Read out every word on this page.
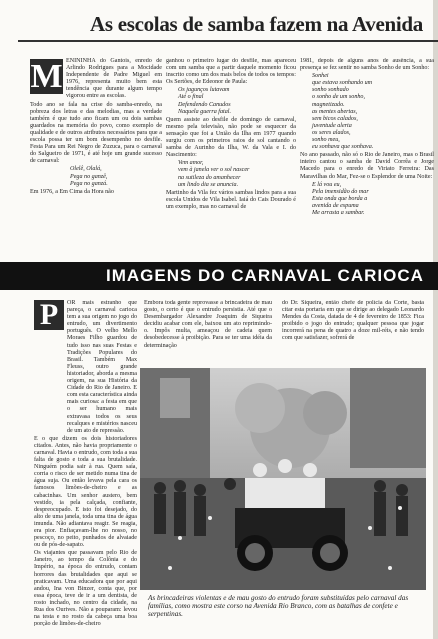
As escolas de samba fazem na Avenida
M ENININHA do Gantois, enredo de Arlindo Rodrigues para a Mocidade Independente de Padre Miguel em 1976, representa muito bem esta tendência que durante algum tempo vigorou entre as escolas.

Todo ano se fala na crise do samba-enredo, na pobreza dos letras e das melodias, mas a verdade também é que tudo ano ficam um ou dois sambas guardados na memória do povo, como exemplo de qualidade e de outros atributos necessários para que a escola possa ter um bom desempenho no desfile. Festa Para um Rei Negro de Zuzuca, para o carnaval do Salgueiro de 1971, é até hoje um grande sucesso de carnaval:

Olelê, Olalá,
Pega no ganzê,
Pega no ganzá.

Em 1976, a Em Cima da Hora não

ganhou o primeiro lugar do desfile, mas apareceu com um samba que a partir daquele momento ficou inscrito como um dos mais belos de todos os tempos: Os Sertões, de Edeonor de Paula:

Os jagunços lutavam
Até o final
Defendendo Canudos
Naquela guerra fatal.

Quem assiste ao desfile de domingo de carnaval, mesmo pela televisão, não pode se esquecer da sensação que foi a União da Ilha em 1977 quando surgiu com os primeiros raios de sol cantando o samba de Aurinho da Ilha, W. da Vala e I. do Nascimento:

Vem amor,
vem à janela ver o sol nascer
na sutileza do amanhecer
um lindo dia se anuncia.

Martinho da Vila fez vários sambas lindos para a sua escola Unidos de Vila Isabel. Iaiá do Cais Dourado é um exemplo, mas no carnaval de

1981, depois de alguns anos de ausência, a sua presença se fez sentir no samba Sonho de um Sonho:

Sonhei
que estava sonhando um
sonho sonhado
o sonho de um sonho,
magnetizado.
as mentes abertas,
sem bicos calados,
juventude alerta
os seres alados,
sonho meu,
eu sonhava que sonhava.

No ano passado, não só o Rio de Janeiro, mas o Brasil inteiro cantou o samba de David Corrêa e Jorge Macedo para o enredo de Viriato Ferreira: Das Maravilhas do Mar, Fez-se o Esplendor de uma Noite:

E lá vou eu,
Pela imensidão do mar
Esta onda que borda a
avenida de espuma
Me arrasta a sambar.

IMAGENS DO CARNAVAL CARIOCA
P	OR mais estranho que pareça, o carnaval carioca tem a sua origem no jogo do entrudo, um divertimento português. O velho Mello Moraes Filho guardou de tudo isso nas suas Festas e Tradições Populares do Brasil. Também Max Fleuss, outro grande historiador, aborda a mesma origem, na sua História da Cidade do Rio de Janeiro. E com esta característica ainda mais curiosa: a festa em que o ser humano mais extravasa todos os seus recalques e mistérios nasceu de um ato de repressão.

E o que dizem os dois historiadores citados. Antes, não havia propriamente o carnaval. Havia o entrudo, com toda a sua falta de gosto e toda a sua brutalidade. Ninguém podia sair à rua. Quem saía, corria o risco de ser metido numa tina de água suja. Ou então levava pela cara os famosos limões-de-cheiro e as cabacinhas. Um senhor austero, bem vestido, ia pela calçada, confiante, despreocupado. E isto foi desejado, do alto de uma janela, toda uma tina de água imunda. Não adiantava reagir. Se reagia, era pior. Enfiaçavam-lhe no nosso, no pescoço, no peito, punhados de alvaiade ou de pós-de-sapato.

Os viajantes que passavam pelo Rio de Janeiro, ao tempo da Colônia e do Império, na época do entrudo, contam horrores das brutalidades que aqui se praticavam. Uma educadora que por aqui andou, Ina von Binzer, conta que, por essa época, teve de ir a um dentista, de rosto inchado, no centro da cidade, na Rua dos Ourives. Não a pouparam: levou na testa e no rosto da cabeça uma boa porção de limões-de-cheiro

Embora toda gente reprovasse a brincadeira de mau gosto, o certo é que o entrudo persistia. Até que o Desembargador Alexandre Joaquim de Siqueira decidiu acabar com ele, baixou um ato reprimindo-o. Impôs multa, ameaçou de cadeia quem desobedecesse à proibição. Para se ter uma idéia da determinação

do Dr. Siqueira, então chefe de polícia da Corte, basta citar esta portaria em que se dirige ao delegado Leonardo Mendes da Costa, datada de 4 de fevereiro de 1853: Fica proibido o jogo do entrudo; qualquer pessoa que jogar incorrerá na pena de quatro a doze mil-réis, e não tendo com que satisfazer, sofrerá de

As brincadeiras violentas e de mau gosto do entrudo foram substituídas pelo carnaval das famílias, como mostra este corso na Avenida Rio Branco, com as batalhas de confete e serpentinas.
